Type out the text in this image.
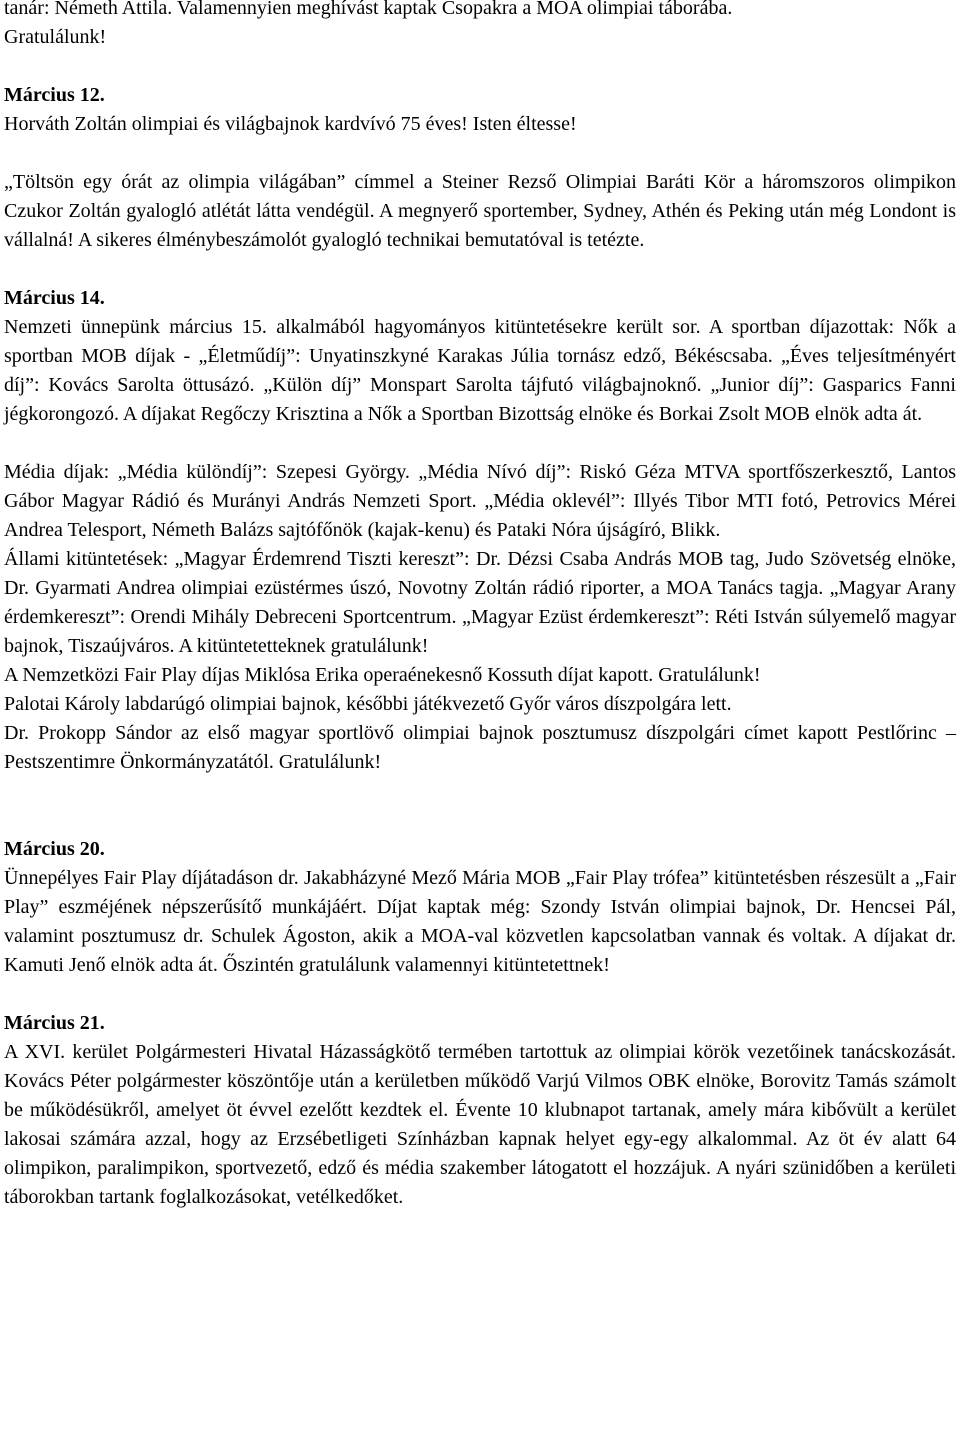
tanár: Németh Attila. Valamennyien meghívást kaptak Csopakra a MOA olimpiai táborába.

Gratulálunk!

Március 12.

Horváth Zoltán olimpiai és világbajnok kardvívó 75 éves! Isten éltesse!

„Töltsön egy órát az olimpia világában” címmel a Steiner Rezső Olimpiai Baráti Kör a háromszoros olimpikon Czukor Zoltán gyalogló atlétát látta vendégül. A megnyerő sportember, Sydney, Athén és Peking után még Londont is vállalná! A sikeres élménybeszámolót gyalogló technikai bemutatóval is tetézte.

Március 14.

Nemzeti ünnepünk március 15. alkalmából hagyományos kitüntetésekre került sor. A sportban díjazottak: Nők a sportban MOB díjak - „Életműdíj”: Unyatinszkyné Karakas Júlia tornász edző, Békéscsaba. „Éves teljesítményért díj”: Kovács Sarolta öttusázó. „Külön díj” Monspart Sarolta tájfutó világbajnoknő. „Junior díj”: Gasparics Fanni jégkorongozó. A díjakat Regőczy Krisztina a Nők a Sportban Bizottság elnöke és Borkai Zsolt MOB elnök adta át.

Média díjak: „Média különdíj”: Szepesi György. „Média Nívó díj”: Riskó Géza MTVA sportfőszerkesztő, Lantos Gábor Magyar Rádió és Murányi András Nemzeti Sport. „Média oklevél”: Illyés Tibor MTI fotó, Petrovics Mérei Andrea Telesport, Németh Balázs sajtófőnök (kajak-kenu) és Pataki Nóra újságíró, Blikk.

Állami kitüntetések: „Magyar Érdemrend Tiszti kereszt”: Dr. Dézsi Csaba András MOB tag, Judo Szövetség elnöke, Dr. Gyarmati Andrea olimpiai ezüstérmes úszó, Novotny Zoltán rádió riporter, a MOA Tanács tagja. „Magyar Arany érdemkereszt”: Orendi Mihály Debreceni Sportcentrum. „Magyar Ezüst érdemkereszt”: Réti István súlyemelő magyar bajnok, Tiszaújváros. A kitüntetetteknek gratulálunk!

A Nemzetközi Fair Play díjas Miklósa Erika operaénekesnő Kossuth díjat kapott. Gratulálunk!

Palotai Károly labdarúgó olimpiai bajnok, későbbi játékvezető Győr város díszpolgára lett.

Dr. Prokopp Sándor az első magyar sportlövő olimpiai bajnok posztumusz díszpolgári címet kapott Pestlőrinc – Pestszentimre Önkormányzatától. Gratulálunk!

Március 20.

Ünnepélyes Fair Play díjátadáson dr. Jakabházyné Mező Mária MOB „Fair Play trófea” kitüntetésben részesült a „Fair Play” eszméjének népszerűsítő munkájáért. Díjat kaptak még: Szondy István olimpiai bajnok, Dr. Hencsei Pál, valamint posztumusz dr. Schulek Ágoston, akik a MOA-val közvetlen kapcsolatban vannak és voltak. A díjakat dr. Kamuti Jenő elnök adta át. Őszintén gratulálunk valamennyi kitüntetettnek!

Március 21.

A XVI. kerület Polgármesteri Hivatal Házasságkötő termében tartottuk az olimpiai körök vezetőinek tanácskozását. Kovács Péter polgármester köszöntője után a kerületben működő Varjú Vilmos OBK elnöke, Borovitz Tamás számolt be működésükről, amelyet öt évvel ezelőtt kezdtek el. Évente 10 klubnapot tartanak, amely mára kibővült a kerület lakosai számára azzal, hogy az Erzsébetligeti Színházban kapnak helyet egy-egy alkalommal. Az öt év alatt 64 olimpikon, paralimpikon, sportvezető, edző és média szakember látogatott el hozzájuk. A nyári szünidőben a kerületi táborokban tartank foglalkozásokat, vetélkedőket.
